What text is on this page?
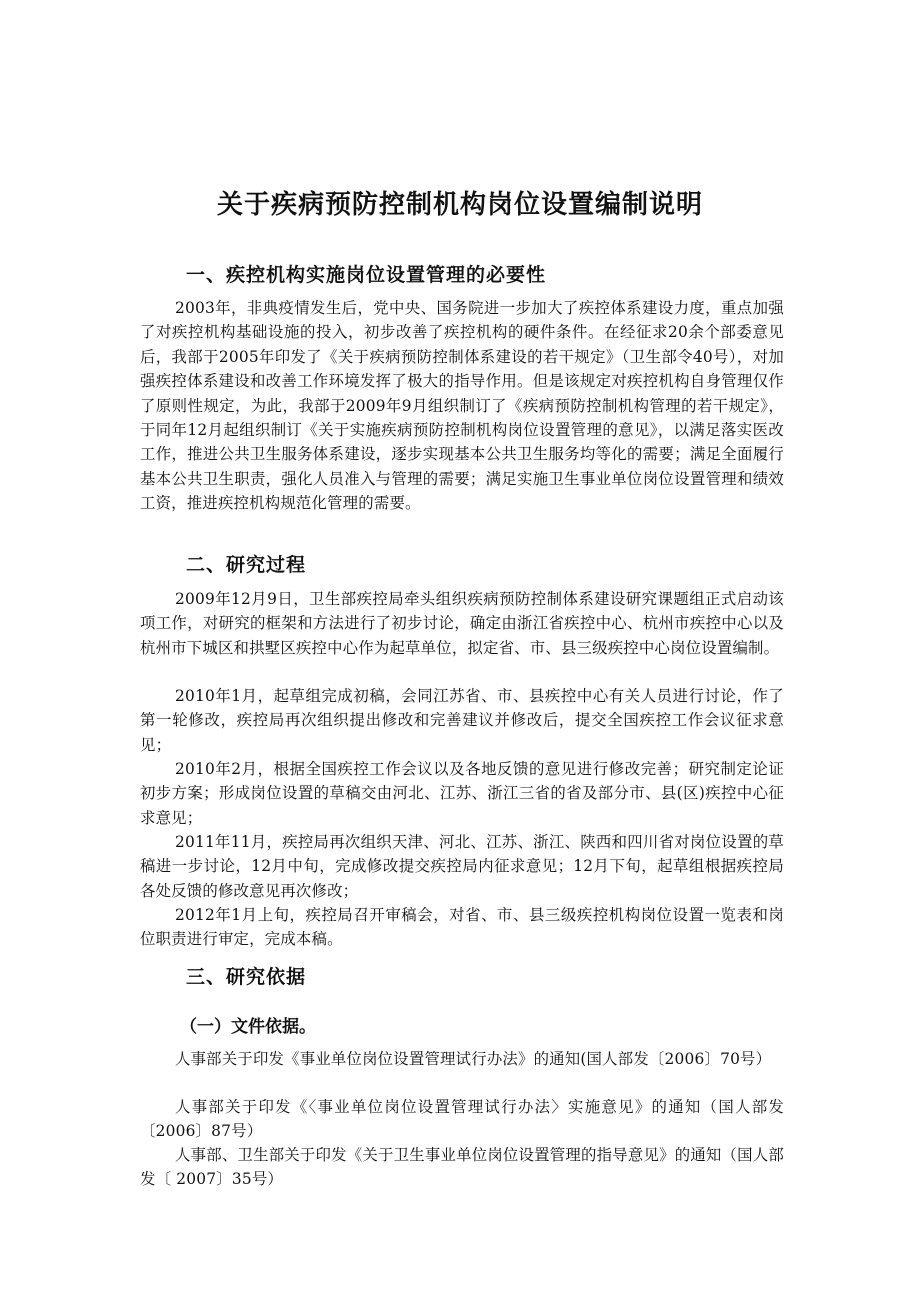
关于疾病预防控制机构岗位设置编制说明
一、疾控机构实施岗位设置管理的必要性

2003年，非典疫情发生后，党中央、国务院进一步加大了疾控体系建设力度，重点加强了对疾控机构基础设施的投入，初步改善了疾控机构的硬件条件。在经征求20余个部委意见后，我部于2005年印发了《关于疾病预防控制体系建设的若干规定》（卫生部令40号），对加强疾控体系建设和改善工作环境发挥了极大的指导作用。但是该规定对疾控机构自身管理仅作了原则性规定，为此，我部于2009年9月组织制订了《疾病预防控制机构管理的若干规定》，于同年12月起组织制订《关于实施疾病预防控制机构岗位设置管理的意见》，以满足落实医改工作，推进公共卫生服务体系建设，逐步实现基本公共卫生服务均等化的需要；满足全面履行基本公共卫生职责，强化人员准入与管理的需要；满足实施卫生事业单位岗位设置管理和绩效工资，推进疾控机构规范化管理的需要。

二、研究过程

2009年12月9日，卫生部疾控局牵头组织疾病预防控制体系建设研究课题组正式启动该项工作，对研究的框架和方法进行了初步讨论，确定由浙江省疾控中心、杭州市疾控中心以及杭州市下城区和拱墅区疾控中心作为起草单位，拟定省、市、县三级疾控中心岗位设置编制。

2010年1月，起草组完成初稿，会同江苏省、市、县疾控中心有关人员进行讨论，作了第一轮修改，疾控局再次组织提出修改和完善建议并修改后，提交全国疾控工作会议征求意见；

2010年2月，根据全国疾控工作会议以及各地反馈的意见进行修改完善；研究制定论证初步方案；形成岗位设置的草稿交由河北、江苏、浙江三省的省及部分市、县(区)疾控中心征求意见；

2011年11月，疾控局再次组织天津、河北、江苏、浙江、陕西和四川省对岗位设置的草稿进一步讨论，12月中旬，完成修改提交疾控局内征求意见；12月下旬，起草组根据疾控局各处反馈的修改意见再次修改；

2012年1月上旬，疾控局召开审稿会，对省、市、县三级疾控机构岗位设置一览表和岗位职责进行审定，完成本稿。

三、研究依据
（一）文件依据。

人事部关于印发《事业单位岗位设置管理试行办法》的通知(国人部发〔2006〕70号）

人事部关于印发《〈事业单位岗位设置管理试行办法〉实施意见》的通知（国人部发〔2006〕87号）

人事部、卫生部关于印发《关于卫生事业单位岗位设置管理的指导意见》的通知（国人部发〔 2007〕35号）
